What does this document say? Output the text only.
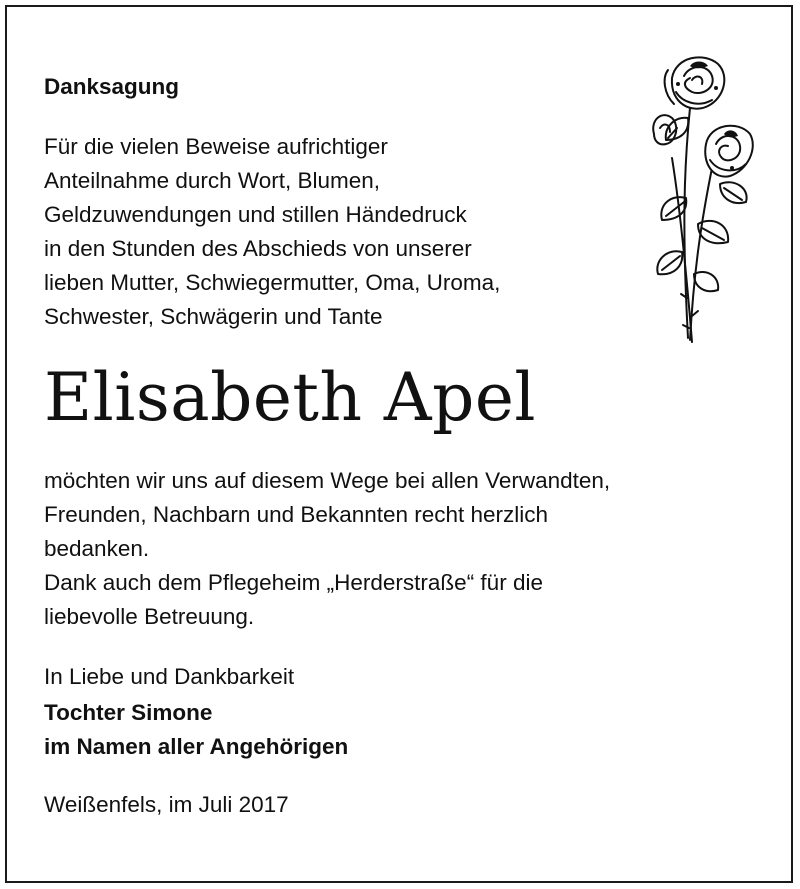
Danksagung

Für die vielen Beweise aufrichtiger
Anteilnahme durch Wort, Blumen,
Geldzuwendungen und stillen Händedruck
in den Stunden des Abschieds von unserer
lieben Mutter, Schwiegermutter, Oma, Uroma,
Schwester, Schwägerin und Tante

Elisabeth Apel

möchten wir uns auf diesem Wege bei allen Verwandten,
Freunden, Nachbarn und Bekannten recht herzlich
bedanken.
Dank auch dem Pflegeheim „Herderstraße“ für die
liebevolle Betreuung.

In Liebe und Dankbarkeit

Tochter Simone
im Namen aller Angehörigen

Weißenfels, im Juli 2017
